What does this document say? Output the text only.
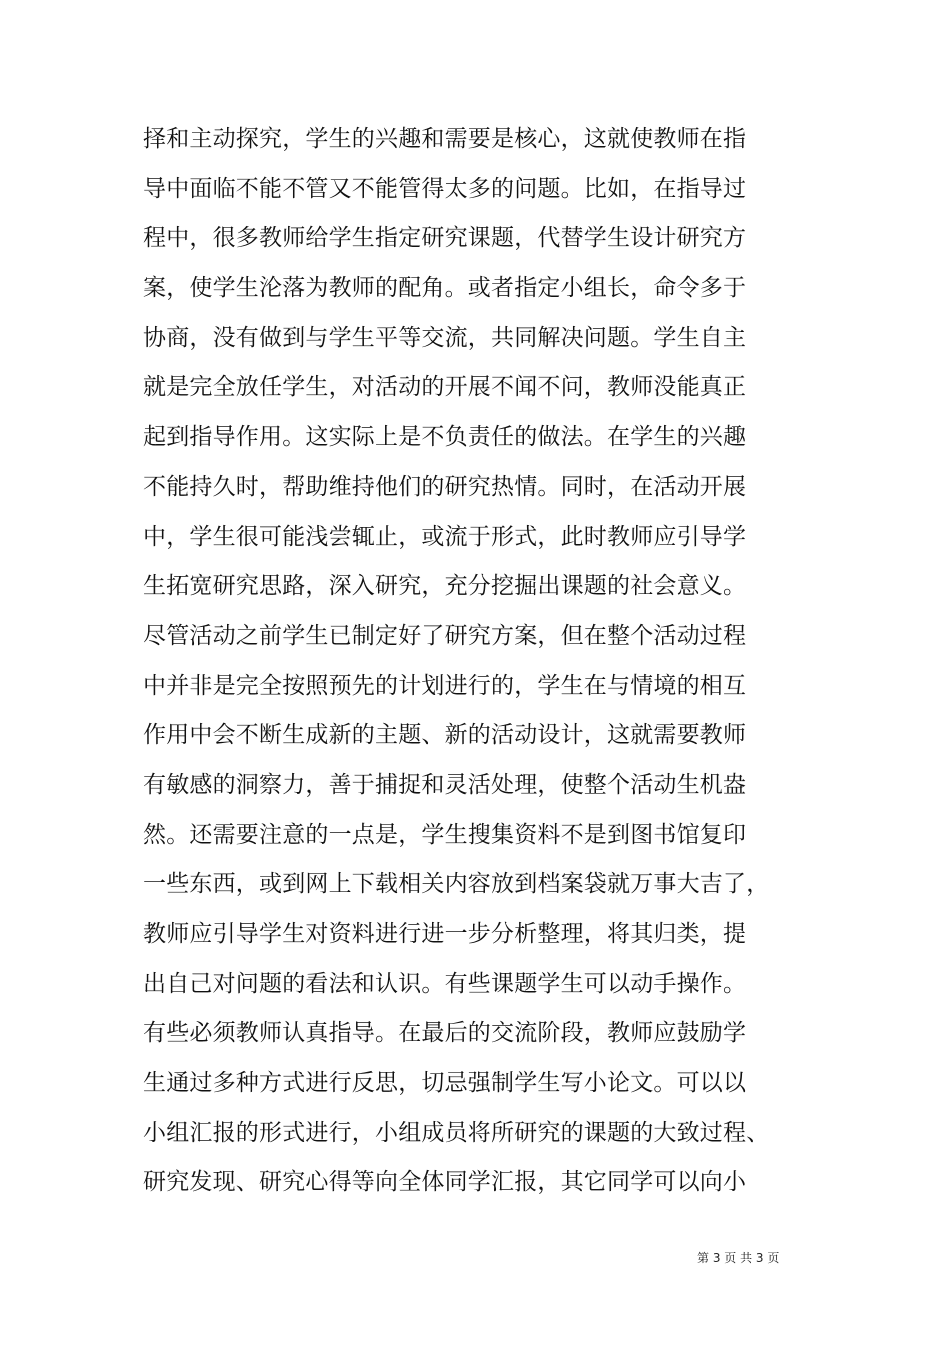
择和主动探究，学生的兴趣和需要是核心，这就使教师在指
导中面临不能不管又不能管得太多的问题。比如，在指导过
程中，很多教师给学生指定研究课题，代替学生设计研究方
案，使学生沦落为教师的配角。或者指定小组长，命令多于
协商，没有做到与学生平等交流，共同解决问题。学生自主
就是完全放任学生，对活动的开展不闻不问，教师没能真正
起到指导作用。这实际上是不负责任的做法。在学生的兴趣
不能持久时，帮助维持他们的研究热情。同时，在活动开展
中，学生很可能浅尝辄止，或流于形式，此时教师应引导学
生拓宽研究思路，深入研究，充分挖掘出课题的社会意义。
尽管活动之前学生已制定好了研究方案，但在整个活动过程
中并非是完全按照预先的计划进行的，学生在与情境的相互
作用中会不断生成新的主题、新的活动设计，这就需要教师
有敏感的洞察力，善于捕捉和灵活处理，使整个活动生机盎
然。还需要注意的一点是，学生搜集资料不是到图书馆复印
一些东西，或到网上下载相关内容放到档案袋就万事大吉了，
教师应引导学生对资料进行进一步分析整理，将其归类，提
出自己对问题的看法和认识。有些课题学生可以动手操作。
有些必须教师认真指导。在最后的交流阶段，教师应鼓励学
生通过多种方式进行反思，切忌强制学生写小论文。可以以
小组汇报的形式进行，小组成员将所研究的课题的大致过程、
研究发现、研究心得等向全体同学汇报，其它同学可以向小
第 3 页 共 3 页
